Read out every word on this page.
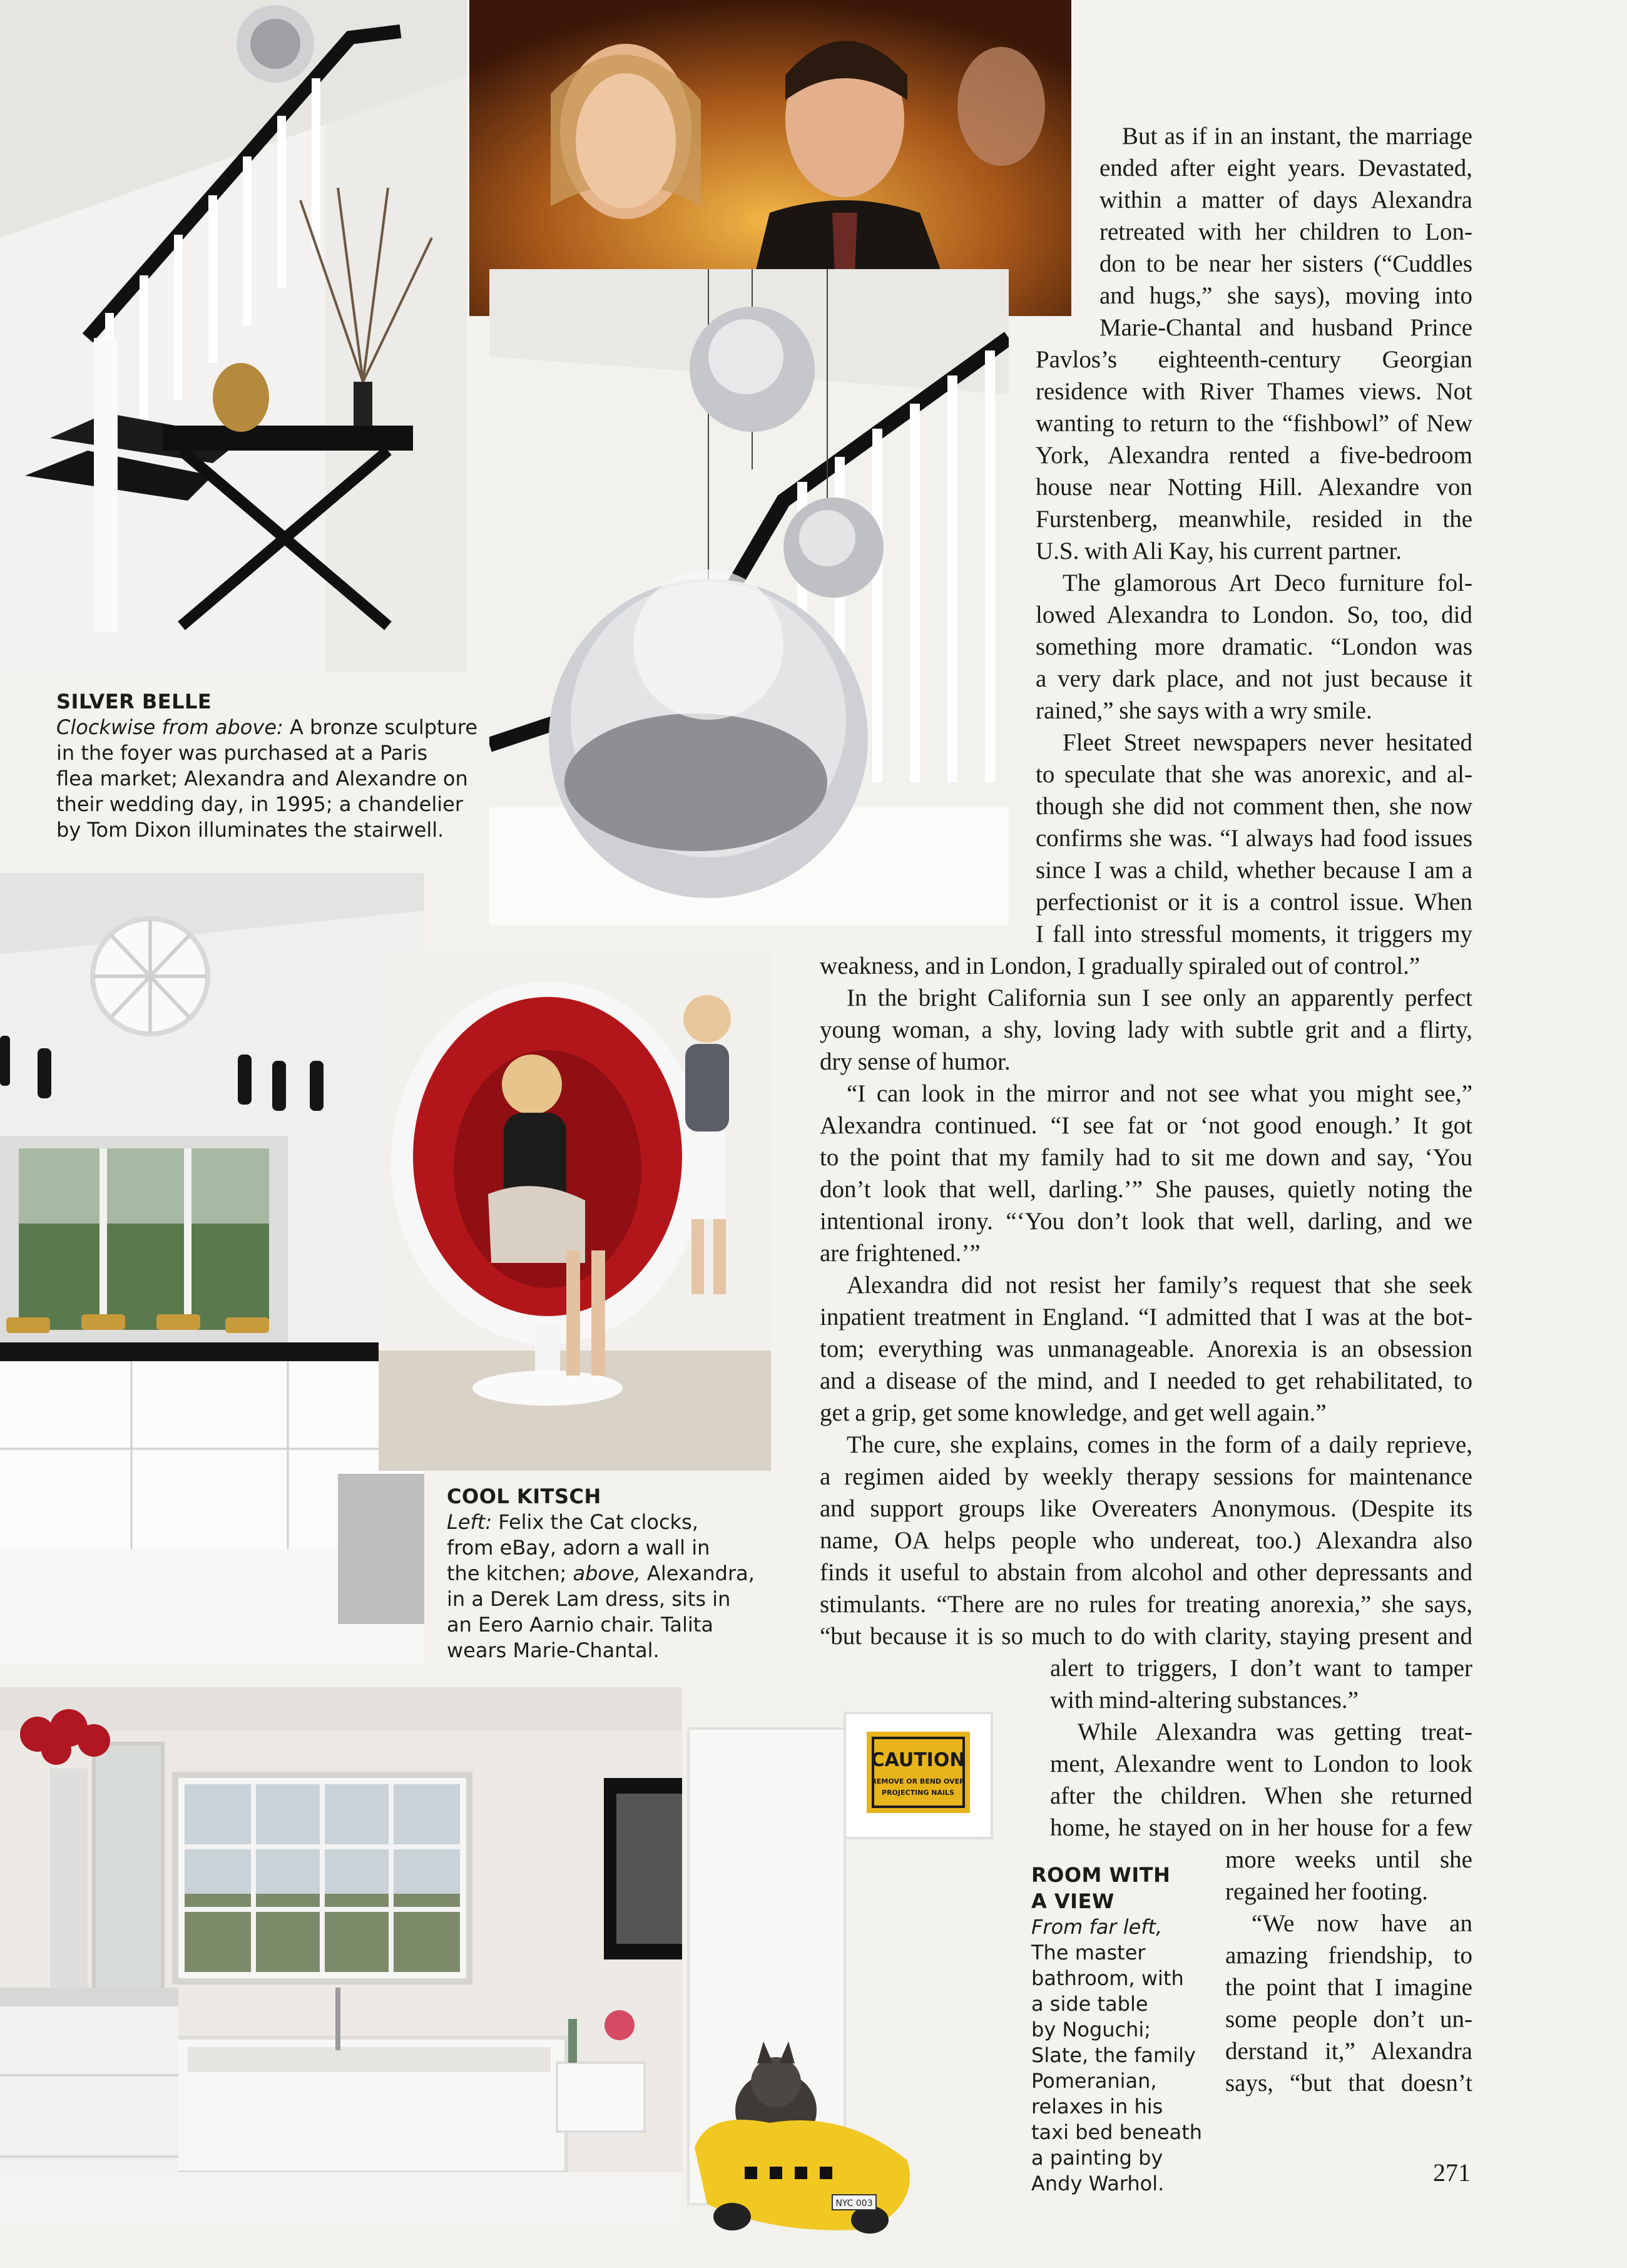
CAUTION
REMOVE OR BEND OVER
PROJECTING NAILS
NYC 003
SILVER BELLE
Clockwise from above: A bronze sculpture
in the foyer was purchased at a Paris
flea market; Alexandra and Alexandre on
their wedding day, in 1995; a chandelier
by Tom Dixon illuminates the stairwell.
COOL KITSCH
Left: Felix the Cat clocks,
from eBay, adorn a wall in
the kitchen; above, Alexandra,
in a Derek Lam dress, sits in
an Eero Aarnio chair. Talita
wears Marie-Chantal.
ROOM WITH
A VIEW
From far left,
The master
bathroom, with
a side table
by Noguchi;
Slate, the family
Pomeranian,
relaxes in his
taxi bed beneath
a painting by
Andy Warhol.
But as if in an instant, the marriage
ended after eight years. Devastated,
within a matter of days Alexandra
retreated with her children to Lon-
don to be near her sisters (“Cuddles
and hugs,” she says), moving into
Marie-Chantal and husband Prince
Pavlos’s eighteenth-century Georgian
residence with River Thames views. Not
wanting to return to the “fishbowl” of New
York, Alexandra rented a five-bedroom
house near Notting Hill. Alexandre von
Furstenberg, meanwhile, resided in the
U.S. with Ali Kay, his current partner.
The glamorous Art Deco furniture fol-
lowed Alexandra to London. So, too, did
something more dramatic. “London was
a very dark place, and not just because it
rained,” she says with a wry smile.
Fleet Street newspapers never hesitated
to speculate that she was anorexic, and al-
though she did not comment then, she now
confirms she was. “I always had food issues
since I was a child, whether because I am a
perfectionist or it is a control issue. When
I fall into stressful moments, it triggers my
weakness, and in London, I gradually spiraled out of control.”
In the bright California sun I see only an apparently perfect
young woman, a shy, loving lady with subtle grit and a flirty,
dry sense of humor.
“I can look in the mirror and not see what you might see,”
Alexandra continued. “I see fat or ‘not good enough.’ It got
to the point that my family had to sit me down and say, ‘You
don’t look that well, darling.’” She pauses, quietly noting the
intentional irony. “‘You don’t look that well, darling, and we
are frightened.’”
Alexandra did not resist her family’s request that she seek
inpatient treatment in England. “I admitted that I was at the bot-
tom; everything was unmanageable. Anorexia is an obsession
and a disease of the mind, and I needed to get rehabilitated, to
get a grip, get some knowledge, and get well again.”
The cure, she explains, comes in the form of a daily reprieve,
a regimen aided by weekly therapy sessions for maintenance
and support groups like Overeaters Anonymous. (Despite its
name, OA helps people who undereat, too.) Alexandra also
finds it useful to abstain from alcohol and other depressants and
stimulants. “There are no rules for treating anorexia,” she says,
“but because it is so much to do with clarity, staying present and
alert to triggers, I don’t want to tamper
with mind-altering substances.”
While Alexandra was getting treat-
ment, Alexandre went to London to look
after the children. When she returned
home, he stayed on in her house for a few
more weeks until she
regained her footing.
“We now have an
amazing friendship, to
the point that I imagine
some people don’t un-
derstand it,” Alexandra
says, “but that doesn’t
271
